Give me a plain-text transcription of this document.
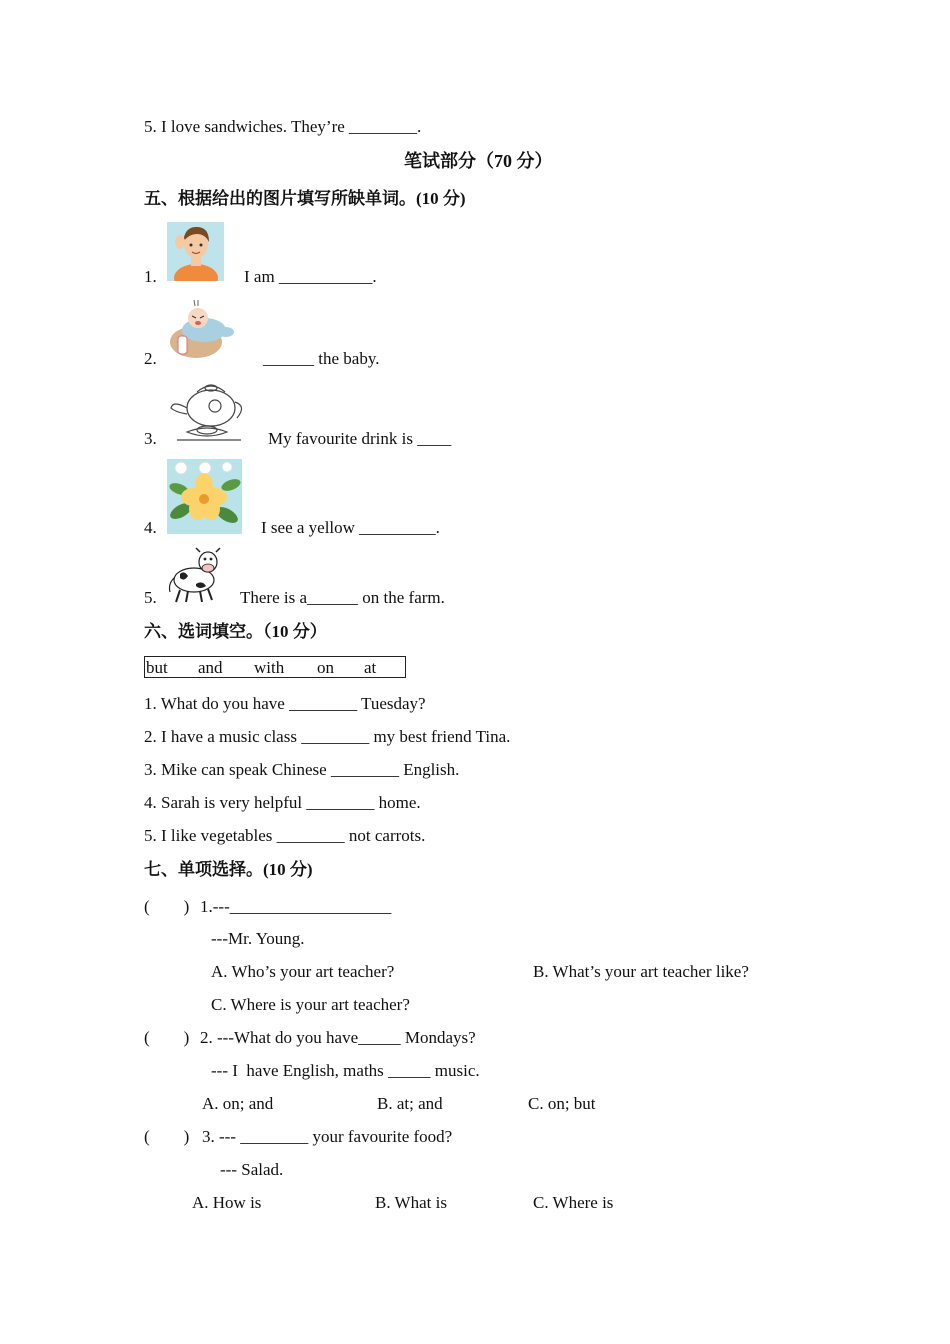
5. I love sandwiches. They’re ________.
笔试部分（70 分）
五、根据给出的图片填写所缺单词。(10 分)
1.	I am ___________.
2.	______ the baby.
3.	My favourite drink is ____
4.	I see a yellow _________.
5.	There is a______ on the farm.
六、选词填空。（10 分）
but and with on at
1. What do you have ________ Tuesday?
2. I have a music class ________ my best friend Tina.
3. Mike can speak Chinese ________ English.
4. Sarah is very helpful ________ home.
5. I like vegetables ________ not carrots.
七、单项选择。(10 分)
(        ) 1.---___________________
---Mr. Young.
A. Who’s your art teacher?	B. What’s your art teacher like?
C. Where is your art teacher?
(        ) 2. ---What do you have_____ Mondays?
--- I  have English, maths _____ music.
A. on; and	B. at; and	C. on; but
(        ) 3. --- ________ your favourite food?
--- Salad.
A. How is	B. What is	C. Where is
